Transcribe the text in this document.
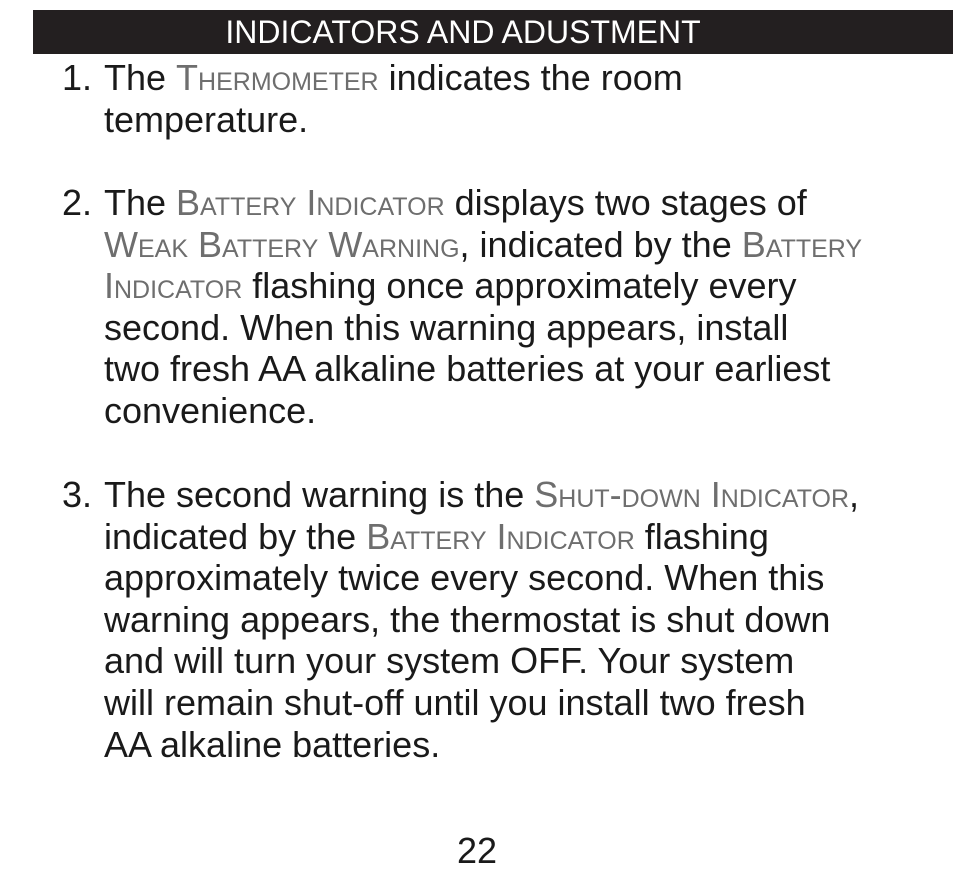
INDICATORS AND ADUSTMENT
1. The Thermometer indicates the room
temperature.
2. The Battery Indicator displays two stages of
Weak Battery Warning, indicated by the Battery
Indicator flashing once approximately every
second. When this warning appears, install
two fresh AA alkaline batteries at your earliest
convenience.
3. The second warning is the Shut-down Indicator,
indicated by the Battery Indicator flashing
approximately twice every second. When this
warning appears, the thermostat is shut down
and will turn your system OFF. Your system
will remain shut-off until you install two fresh
AA alkaline batteries.
22
